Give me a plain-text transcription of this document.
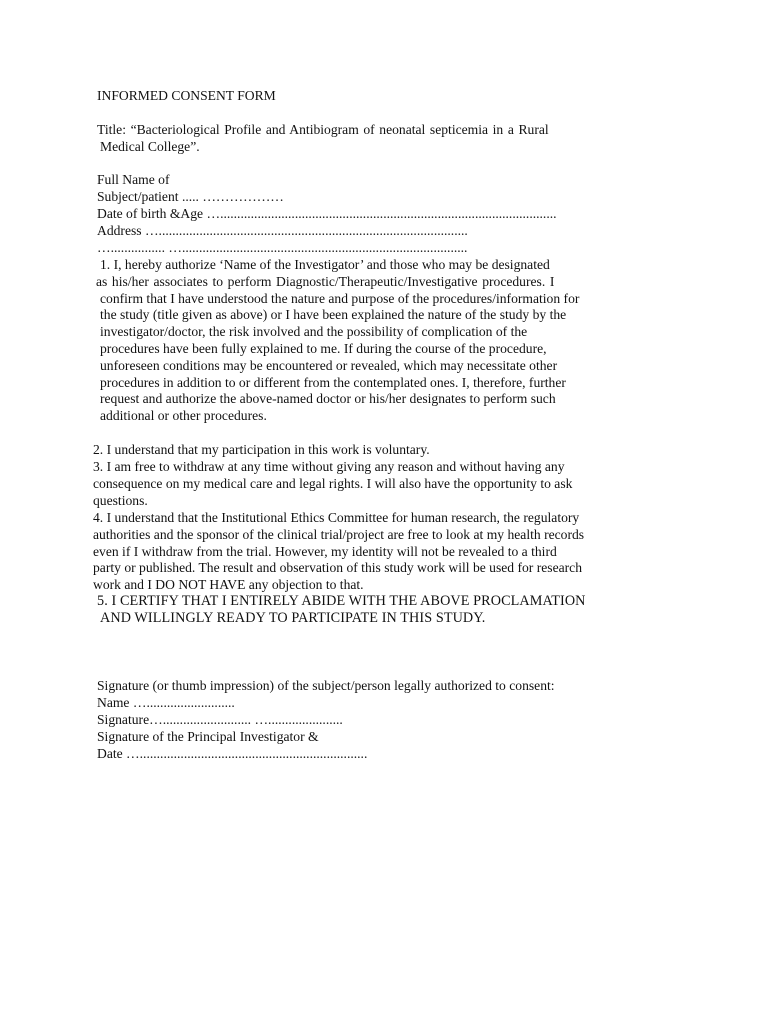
INFORMED CONSENT FORM
Title: “Bacteriological Profile and Antibiogram of neonatal septicemia in a Rural
Medical College”.
Full Name of
Subject/patient ..... ………………
Date of birth &Age …...................................................................................................
Address …...........................................................................................
…................ …....................................................................................
1. I, hereby authorize ‘Name of the Investigator’ and those who may be designated
as his/her associates to perform Diagnostic/Therapeutic/Investigative procedures. I
confirm that I have understood the nature and purpose of the procedures/information for
the study (title given as above) or I have been explained the nature of the study by the
investigator/doctor, the risk involved and the possibility of complication of the
procedures have been fully explained to me. If during the course of the procedure,
unforeseen conditions may be encountered or revealed, which may necessitate other
procedures in addition to or different from the contemplated ones. I, therefore, further
request and authorize the above-named doctor or his/her designates to perform such
additional or other procedures.
2. I understand that my participation in this work is voluntary.
3. I am free to withdraw at any time without giving any reason and without having any
consequence on my medical care and legal rights. I will also have the opportunity to ask
questions.
4. I understand that the Institutional Ethics Committee for human research, the regulatory
authorities and the sponsor of the clinical trial/project are free to look at my health records
even if I withdraw from the trial. However, my identity will not be revealed to a third
party or published. The result and observation of this study work will be used for research
work and I DO NOT HAVE any objection to that.
5. I CERTIFY THAT I ENTIRELY ABIDE WITH THE ABOVE PROCLAMATION
AND WILLINGLY READY TO PARTICIPATE IN THIS STUDY.
Signature (or thumb impression) of the subject/person legally authorized to consent:
Name …..........................
Signature….......................... …......................
Signature of the Principal Investigator &
Date …...................................................................
